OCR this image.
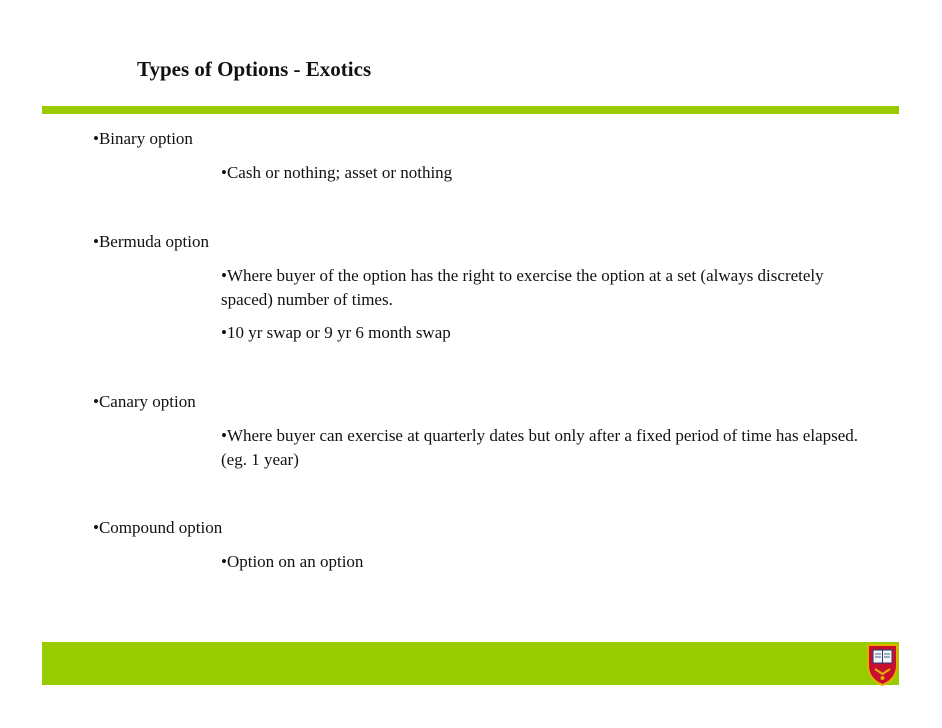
Types of Options - Exotics

•Binary option

•Cash or nothing; asset or nothing

•Bermuda option

•Where buyer of the option has the right to exercise the option at a set (always discretely spaced) number of times.

•10 yr swap or 9 yr 6 month swap

•Canary option

•Where buyer can exercise at quarterly dates but only after a fixed period of time has elapsed. (eg. 1 year)

•Compound option

•Option on an option
